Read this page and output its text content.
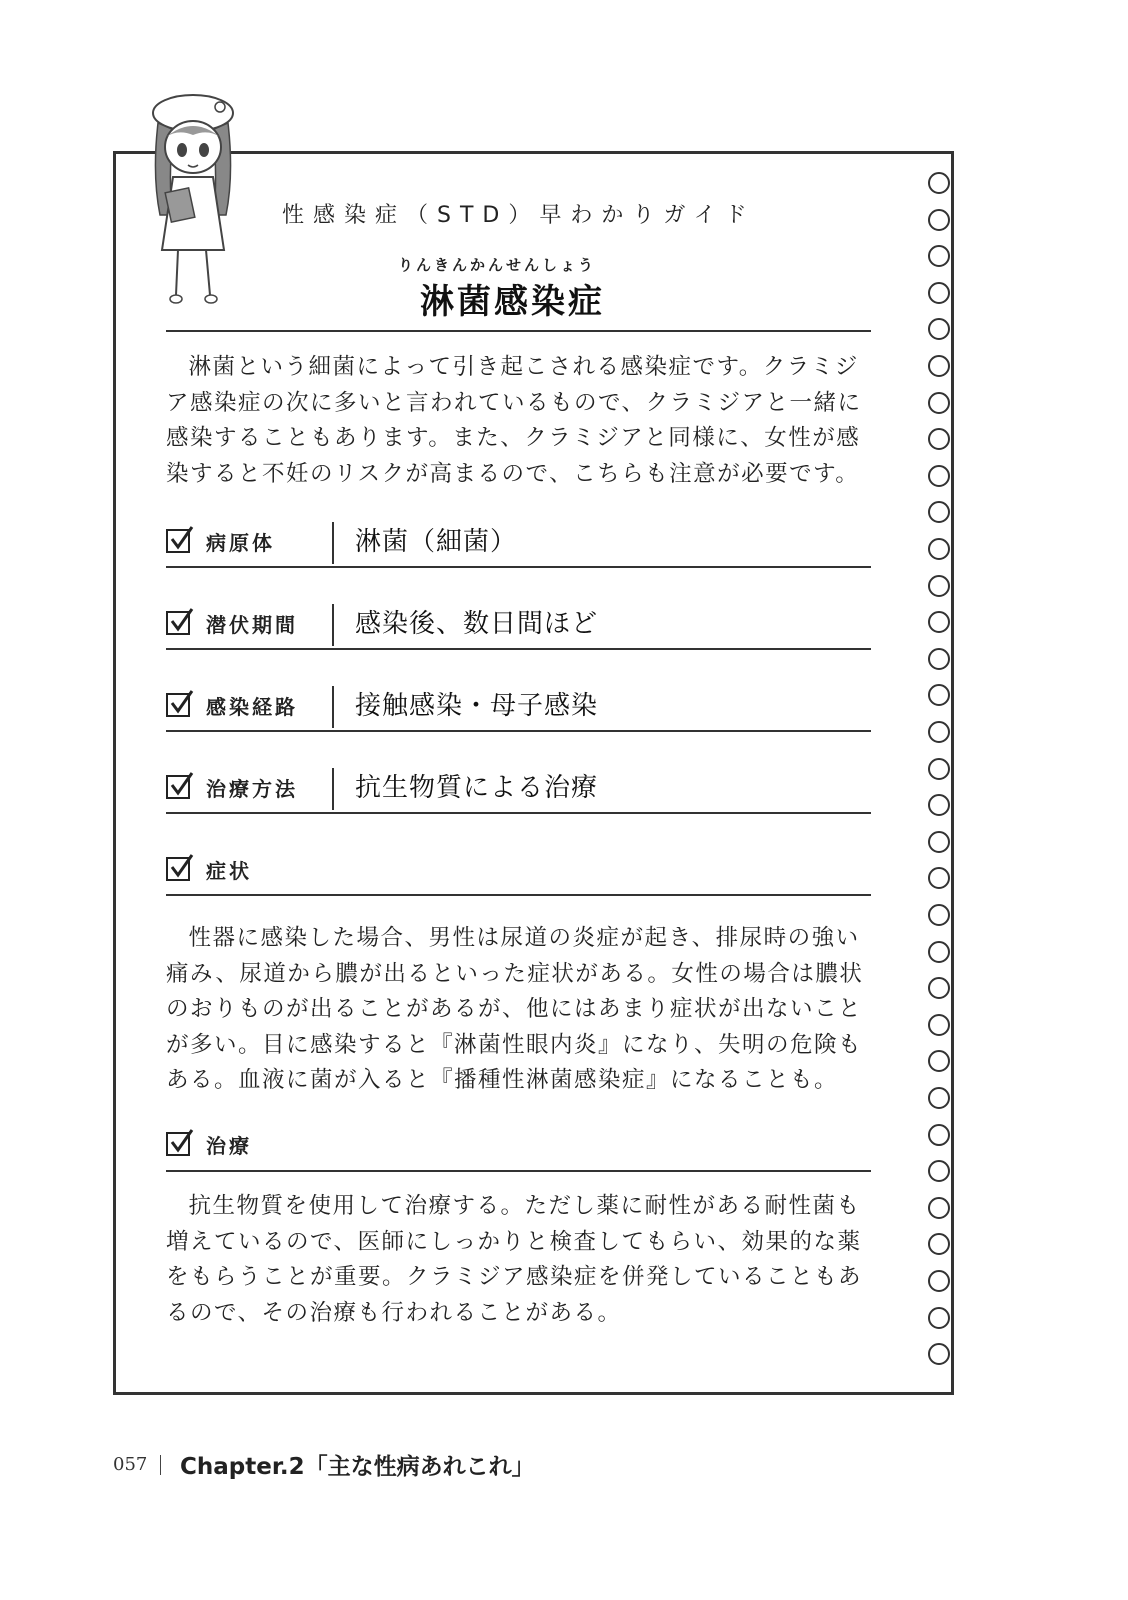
性感染症（STD）早わかりガイド
りんきんかんせんしょう
淋菌感染症

淋菌という細菌によって引き起こされる感染症です。クラミジア感染症の次に多いと言われているもので、クラミジアと一緒に感染することもあります。また、クラミジアと同様に、女性が感染すると不妊のリスクが高まるので、こちらも注意が必要です。

病原体	淋菌（細菌）
潜伏期間 感染後、数日間ほど
感染経路 接触感染・母子感染
治療方法 抗生物質による治療
症状

性器に感染した場合、男性は尿道の炎症が起き、排尿時の強い痛み、尿道から膿が出るといった症状がある。女性の場合は膿状のおりものが出ることがあるが、他にはあまり症状が出ないことが多い。目に感染すると『淋菌性眼内炎』になり、失明の危険もある。血液に菌が入ると『播種性淋菌感染症』になることも。

治療

抗生物質を使用して治療する。ただし薬に耐性がある耐性菌も増えているので、医師にしっかりと検査してもらい、効果的な薬をもらうことが重要。クラミジア感染症を併発していることもあるので、その治療も行われることがある。

057 Chapter.2「主な性病あれこれ」
